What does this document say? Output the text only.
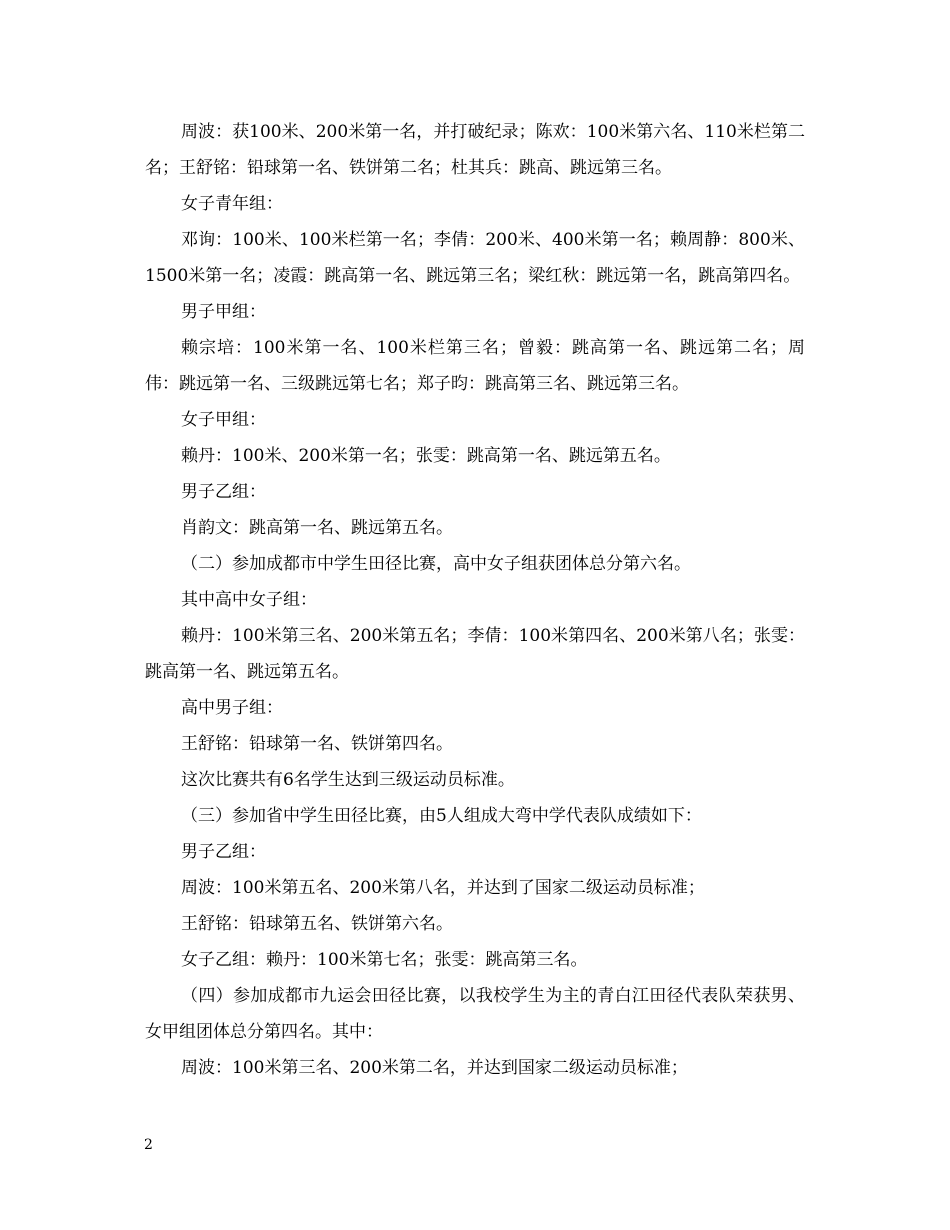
周波：获100米、200米第一名，并打破纪录；陈欢：100米第六名、110米栏第二名；王舒铭：铅球第一名、铁饼第二名；杜其兵：跳高、跳远第三名。

女子青年组：

邓询：100米、100米栏第一名；李倩：200米、400米第一名；赖周静：800米、1500米第一名；凌霞：跳高第一名、跳远第三名；梁红秋：跳远第一名，跳高第四名。

男子甲组：

赖宗培：100米第一名、100米栏第三名；曾毅：跳高第一名、跳远第二名；周伟：跳远第一名、三级跳远第七名；郑子昀：跳高第三名、跳远第三名。

女子甲组：

赖丹：100米、200米第一名；张雯：跳高第一名、跳远第五名。

男子乙组：

肖韵文：跳高第一名、跳远第五名。

（二）参加成都市中学生田径比赛，高中女子组获团体总分第六名。

其中高中女子组：

赖丹：100米第三名、200米第五名；李倩：100米第四名、200米第八名；张雯：跳高第一名、跳远第五名。

高中男子组：

王舒铭：铅球第一名、铁饼第四名。

这次比赛共有6名学生达到三级运动员标准。

（三）参加省中学生田径比赛，由5人组成大弯中学代表队成绩如下：

男子乙组：

周波：100米第五名、200米第八名，并达到了国家二级运动员标准；

王舒铭：铅球第五名、铁饼第六名。

女子乙组：赖丹：100米第七名；张雯：跳高第三名。

（四）参加成都市九运会田径比赛，以我校学生为主的青白江田径代表队荣获男、女甲组团体总分第四名。其中：

周波：100米第三名、200米第二名，并达到国家二级运动员标准；

2
